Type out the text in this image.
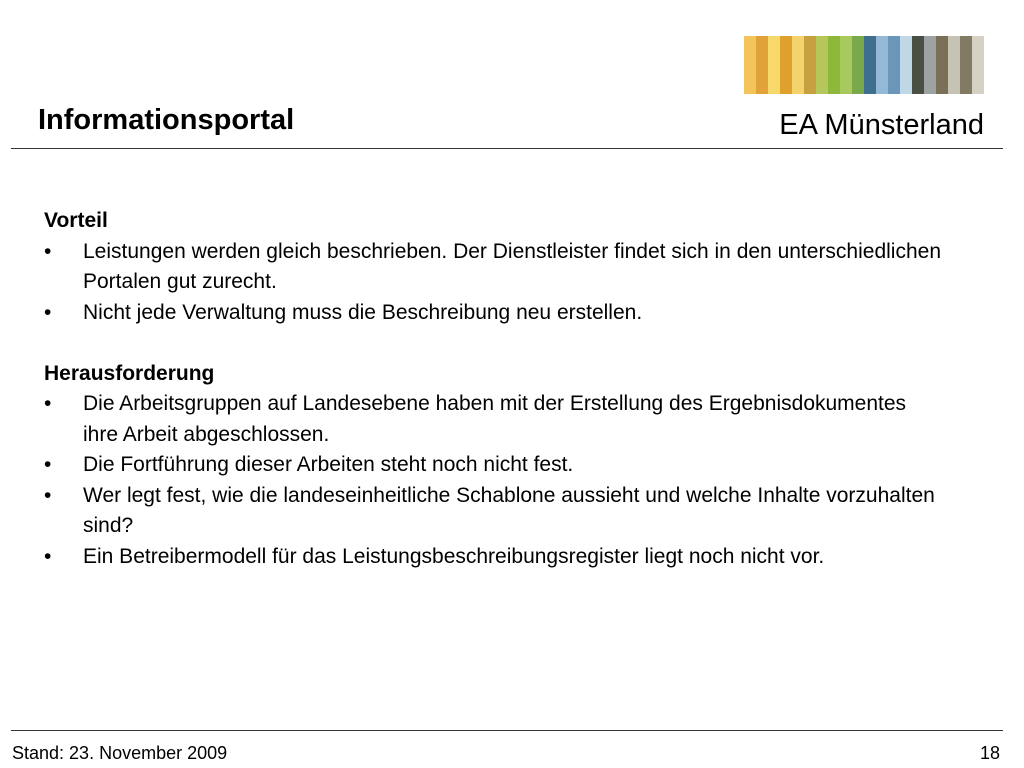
Informationsportal	EA Münsterland
Vorteil
•	Leistungen werden gleich beschrieben. Der Dienstleister findet sich in den unterschiedlichen Portalen gut zurecht.
•	Nicht jede Verwaltung muss die Beschreibung neu erstellen.
Herausforderung
•	Die Arbeitsgruppen auf Landesebene haben mit der Erstellung des Ergebnisdokumentes ihre Arbeit abgeschlossen.
•	Die Fortführung dieser Arbeiten steht noch nicht fest.
•	Wer legt fest, wie die landeseinheitliche Schablone aussieht und welche Inhalte vorzuhalten sind?
•	Ein Betreibermodell für das Leistungsbeschreibungsregister liegt noch nicht vor.
Stand: 23. November 2009	18
